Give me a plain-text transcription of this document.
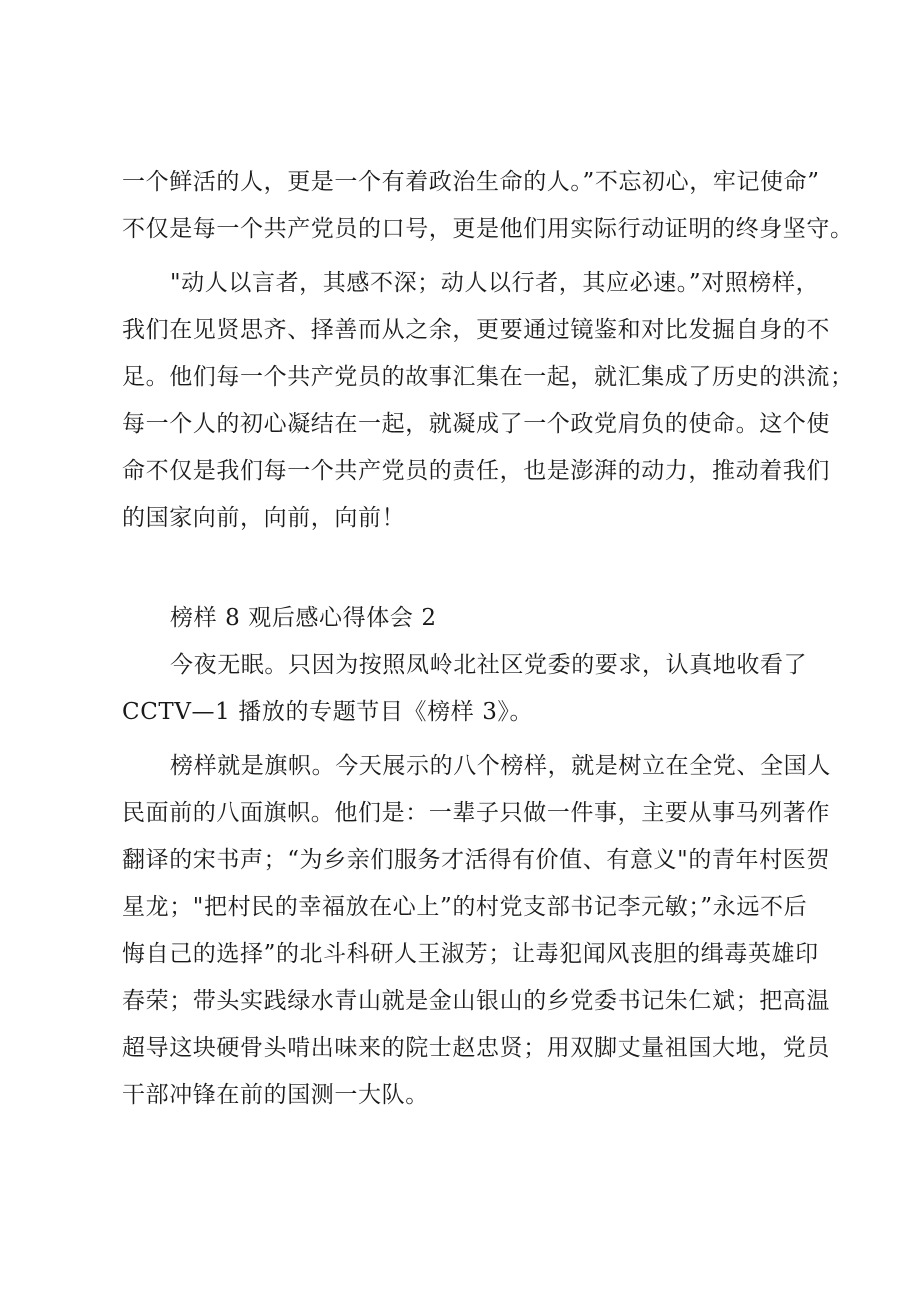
一个鲜活的人，更是一个有着政治生命的人。”不忘初心，牢记使命”
不仅是每一个共产党员的口号，更是他们用实际行动证明的终身坚守。
"动人以言者，其感不深；动人以行者，其应必速。”对照榜样，
我们在见贤思齐、择善而从之余，更要通过镜鉴和对比发掘自身的不
足。他们每一个共产党员的故事汇集在一起，就汇集成了历史的洪流；
每一个人的初心凝结在一起，就凝成了一个政党肩负的使命。这个使
命不仅是我们每一个共产党员的责任，也是澎湃的动力，推动着我们
的国家向前，向前，向前！
榜样 8 观后感心得体会 2
今夜无眠。只因为按照凤岭北社区党委的要求，认真地收看了
CCTV—1 播放的专题节目《榜样 3》。
榜样就是旗帜。今天展示的八个榜样，就是树立在全党、全国人
民面前的八面旗帜。他们是：一辈子只做一件事，主要从事马列著作
翻译的宋书声；“为乡亲们服务才活得有价值、有意义"的青年村医贺
星龙；"把村民的幸福放在心上”的村党支部书记李元敏；”永远不后
悔自己的选择”的北斗科研人王淑芳；让毒犯闻风丧胆的缉毒英雄印
春荣；带头实践绿水青山就是金山银山的乡党委书记朱仁斌；把高温
超导这块硬骨头啃出味来的院士赵忠贤；用双脚丈量祖国大地，党员
干部冲锋在前的国测一大队。
